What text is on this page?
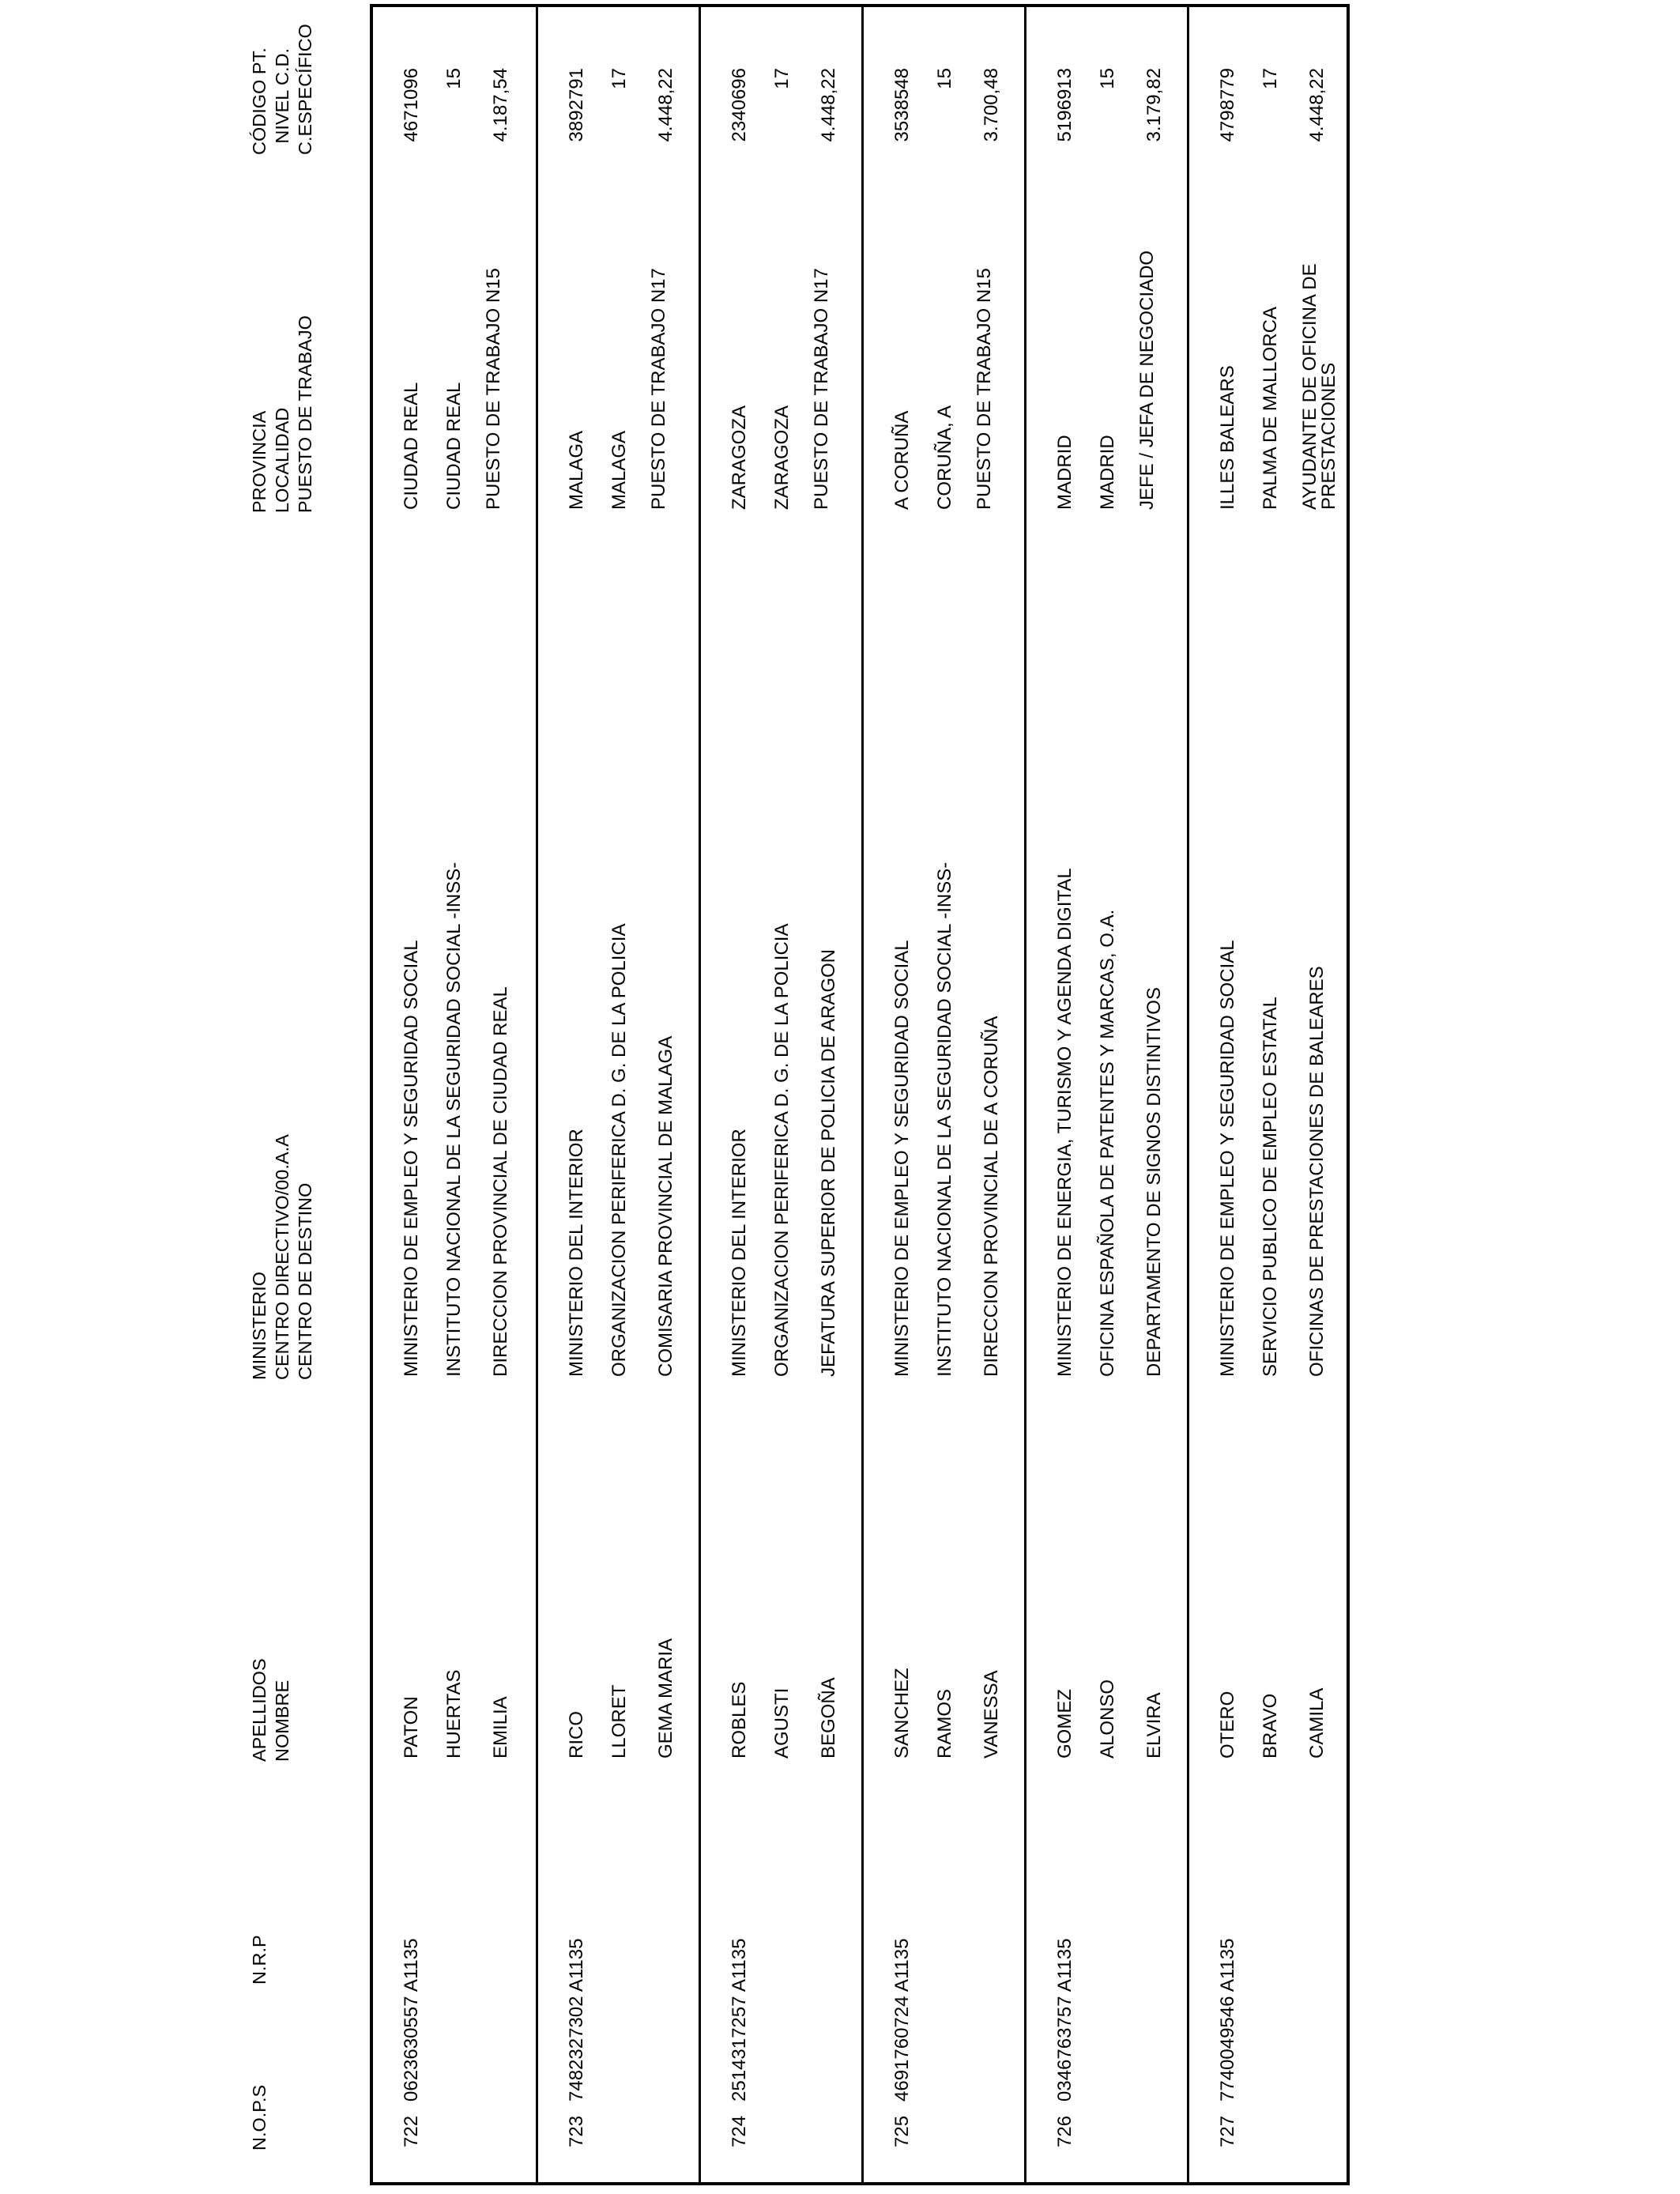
N.O.P.S
N.R.P
APELLIDOS NOMBRE
MINISTERIO CENTRO DIRECTIVO/00.A.A CENTRO DE DESTINO
PROVINCIA LOCALIDAD PUESTO DE TRABAJO
CÓDIGO PT. NIVEL C.D. C.ESPECÍFICO
722
0623630557 A1135
PATON HUERTAS EMILIA
MINISTERIO DE EMPLEO Y SEGURIDAD SOCIAL INSTITUTO NACIONAL DE LA SEGURIDAD SOCIAL -INSS- DIRECCION PROVINCIAL DE CIUDAD REAL
CIUDAD REAL CIUDAD REAL PUESTO DE TRABAJO N15
4671096 15 4.187,54
723
7482327302 A1135
RICO LLORET GEMA MARIA
MINISTERIO DEL INTERIOR ORGANIZACION PERIFERICA D. G. DE LA POLICIA COMISARIA PROVINCIAL DE MALAGA
MALAGA MALAGA PUESTO DE TRABAJO N17
3892791 17 4.448,22
724
2514317257 A1135
ROBLES AGUSTI BEGOÑA
MINISTERIO DEL INTERIOR ORGANIZACION PERIFERICA D. G. DE LA POLICIA JEFATURA SUPERIOR DE POLICIA DE ARAGON
ZARAGOZA ZARAGOZA PUESTO DE TRABAJO N17
2340696 17 4.448,22
725
4691760724 A1135
SANCHEZ RAMOS VANESSA
MINISTERIO DE EMPLEO Y SEGURIDAD SOCIAL INSTITUTO NACIONAL DE LA SEGURIDAD SOCIAL -INSS- DIRECCION PROVINCIAL DE A CORUÑA
A CORUÑA CORUÑA, A PUESTO DE TRABAJO N15
3538548 15 3.700,48
726
0346763757 A1135
GOMEZ ALONSO ELVIRA
MINISTERIO DE ENERGIA, TURISMO Y AGENDA DIGITAL OFICINA ESPAÑOLA DE PATENTES Y MARCAS, O.A. DEPARTAMENTO DE SIGNOS DISTINTIVOS
MADRID MADRID JEFE / JEFA DE NEGOCIADO
5196913 15 3.179,82
727
7740049546 A1135
OTERO BRAVO CAMILA
MINISTERIO DE EMPLEO Y SEGURIDAD SOCIAL SERVICIO PUBLICO DE EMPLEO ESTATAL OFICINAS DE PRESTACIONES DE BALEARES
ILLES BALEARS PALMA DE MALLORCA AYUDANTE DE OFICINA DE PRESTACIONES
4798779 17 4.448,22
